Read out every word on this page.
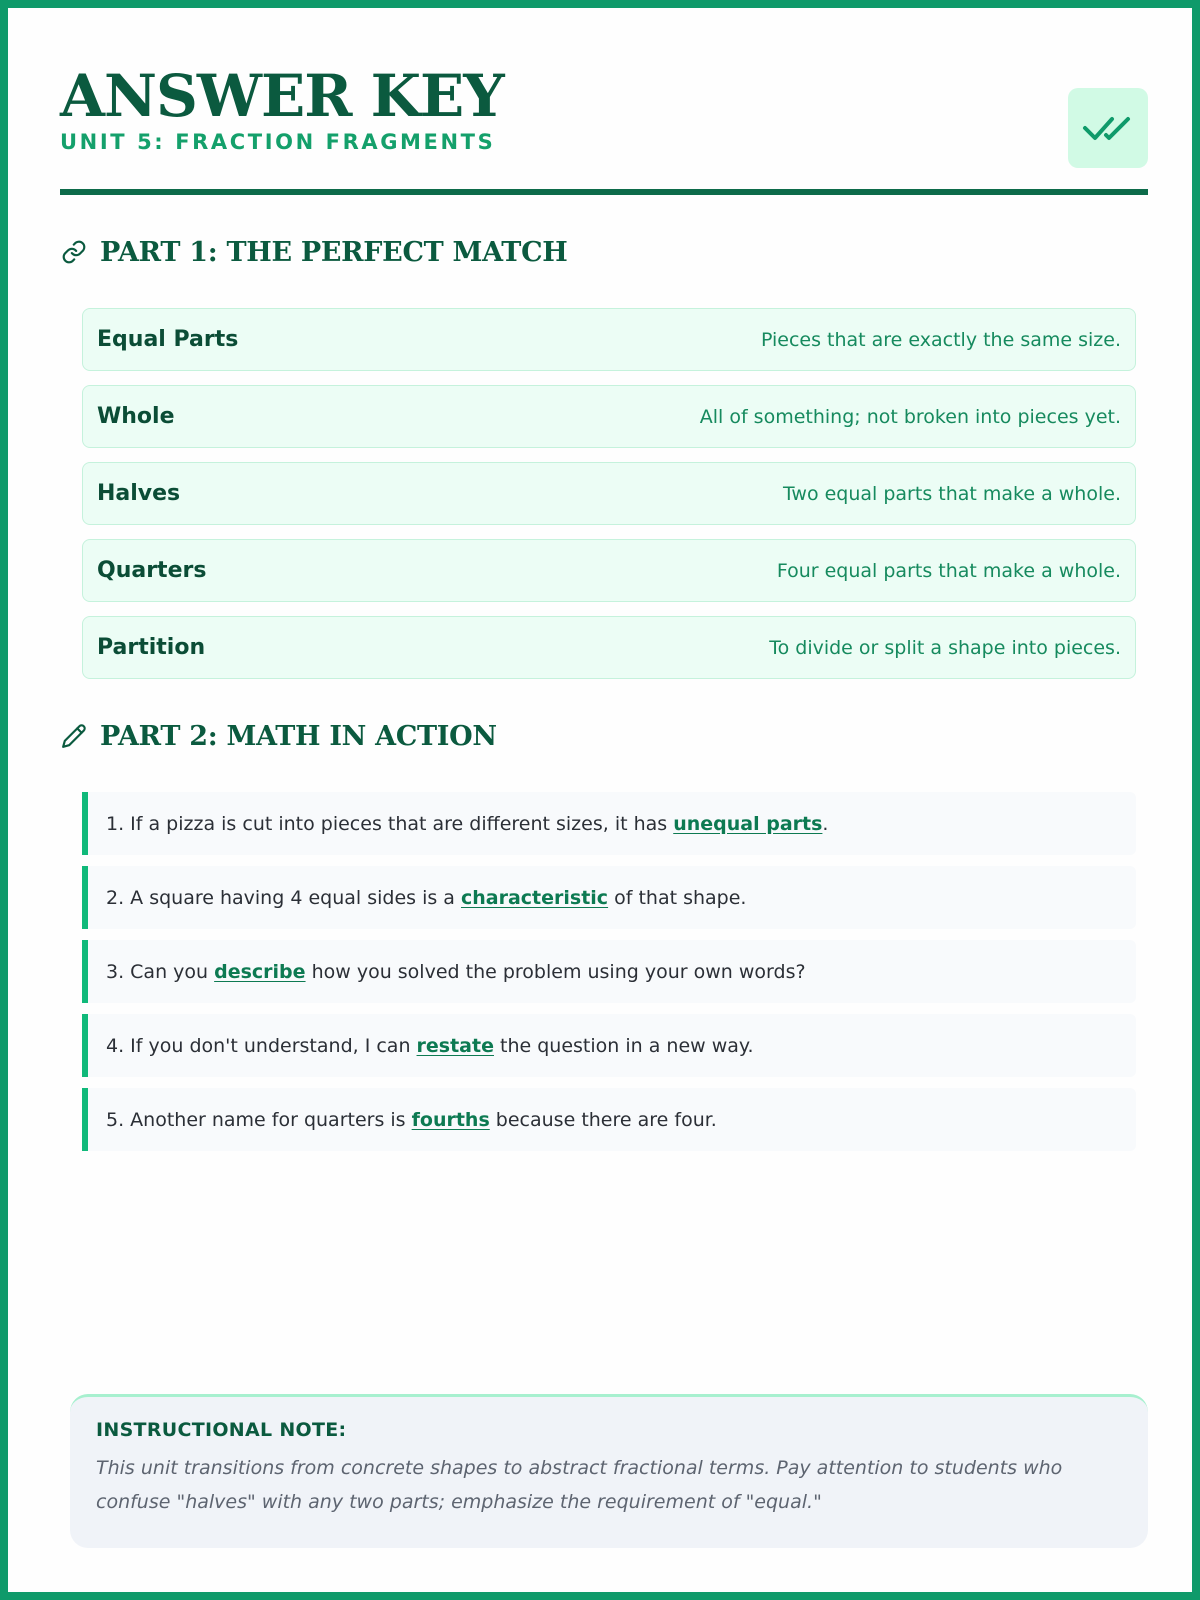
ANSWER KEY
UNIT 5: FRACTION FRAGMENTS
PART 1: THE PERFECT MATCH
Equal Parts	Pieces that are exactly the same size.
Whole	All of something; not broken into pieces yet.
Halves	Two equal parts that make a whole.
Quarters	Four equal parts that make a whole.
Partition	To divide or split a shape into pieces.
PART 2: MATH IN ACTION
1. If a pizza is cut into pieces that are different sizes, it has unequal parts .
2. A square having 4 equal sides is a characteristic of that shape.
3. Can you describe how you solved the problem using your own words?
4. If you don't understand, I can restate the question in a new way.
5. Another name for quarters is fourths because there are four.
INSTRUCTIONAL NOTE:
This unit transitions from concrete shapes to abstract fractional terms. Pay attention to students who confuse "halves" with any two parts; emphasize the requirement of "equal."
